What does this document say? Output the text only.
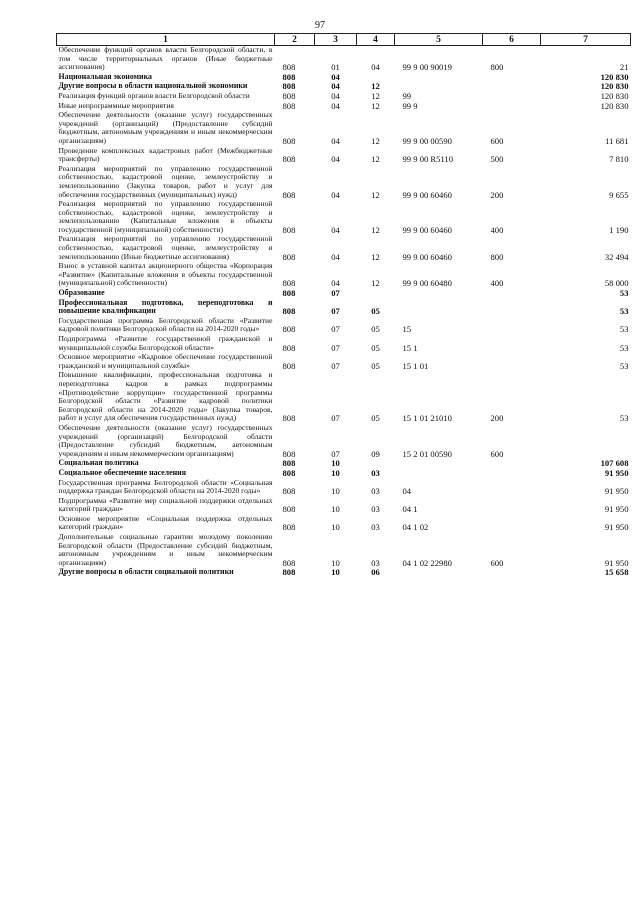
97
1	2	3	4	5	6	7
Обеспечение функций органов власти Белгородской области, в том числе территориальных органов (Иные бюджетные ассигнования)	808	01	04	99 9 00 90019	800	21
Национальная экономика	808	04				120 830
Другие вопросы в области национальной экономики	808	04	12			120 830
Реализация функций органов власти Белгородской области	808	04	12	99		120 830
Иные непрограммные мероприятия	808	04	12	99 9		120 830
Обеспечение деятельности (оказание услуг) государственных учреждений (организаций) (Предоставление субсидий бюджетным, автономным учреждениям и иным некоммерческим организациям)	808	04	12	99 9 00 00590	600	11 681
Проведение комплексных кадастровых работ (Межбюджетные трансферты)	808	04	12	99 9 00 R5110	500	7 810
Реализация мероприятий по управлению государственной собственностью, кадастровой оценке, землеустройству и землепользованию (Закупка товаров, работ и услуг для обеспечения государственных (муниципальных) нужд)	808	04	12	99 9 00 60460	200	9 655
Реализация мероприятий по управлению государственной собственностью, кадастровой оценке, землеустройству и землепользованию (Капитальные вложения в объекты государственной (муниципальной) собственности)	808	04	12	99 9 00 60460	400	1 190
Реализация мероприятий по управлению государственной собственностью, кадастровой оценке, землеустройству и землепользованию (Иные бюджетные ассигнования)	808	04	12	99 9 00 60460	800	32 494
Взнос в уставной капитал акционерного общества «Корпорация «Развитие» (Капитальные вложения в объекты государственной (муниципальной) собственности)	808	04	12	99 9 00 60480	400	58 000
Образование	808	07				53
Профессиональная подготовка, переподготовка и повышение квалификации	808	07	05			53
Государственная программа Белгородской области «Развитие кадровой политики Белгородской области на 2014-2020 годы»	808	07	05	15		53
Подпрограмма «Развитие государственной гражданской и муниципальной службы Белгородской области»	808	07	05	15 1		53
Основное мероприятие «Кадровое обеспечение государственной гражданской и муниципальной службы»	808	07	05	15 1 01		53
Повышение квалификации, профессиональная подготовка и переподготовка кадров в рамках подпрограммы «Противодействие коррупции» государственной программы Белгородской области «Развитие кадровой политики Белгородской области на 2014-2020 годы» (Закупка товаров, работ и услуг для обеспечения государственных нужд)	808	07	05	15 1 01 21010	200	53
Обеспечение деятельности (оказание услуг) государственных учреждений (организаций) Белгородской области (Предоставление субсидий бюджетным, автономным учреждениям и иным некоммерческим организациям)	808	07	09	15 2 01 00590	600	
Социальная политика	808	10				107 608
Социальное обеспечение населения	808	10	03			91 950
Государственная программа Белгородской области «Социальная поддержка граждан Белгородской области на 2014-2020 годы»	808	10	03	04		91 950
Подпрограмма «Развитие мер социальной поддержки отдельных категорий граждан»	808	10	03	04 1		91 950
Основное мероприятие «Социальная поддержка отдельных категорий граждан»	808	10	03	04 1 02		91 950
Дополнительные социальные гарантии молодому поколению Белгородской области (Предоставление субсидий бюджетным, автономным учреждениям и иным некоммерческим организациям)	808	10	03	04 1 02 22980	600	91 950
Другие вопросы в области социальной политики	808	10	06			15 658
